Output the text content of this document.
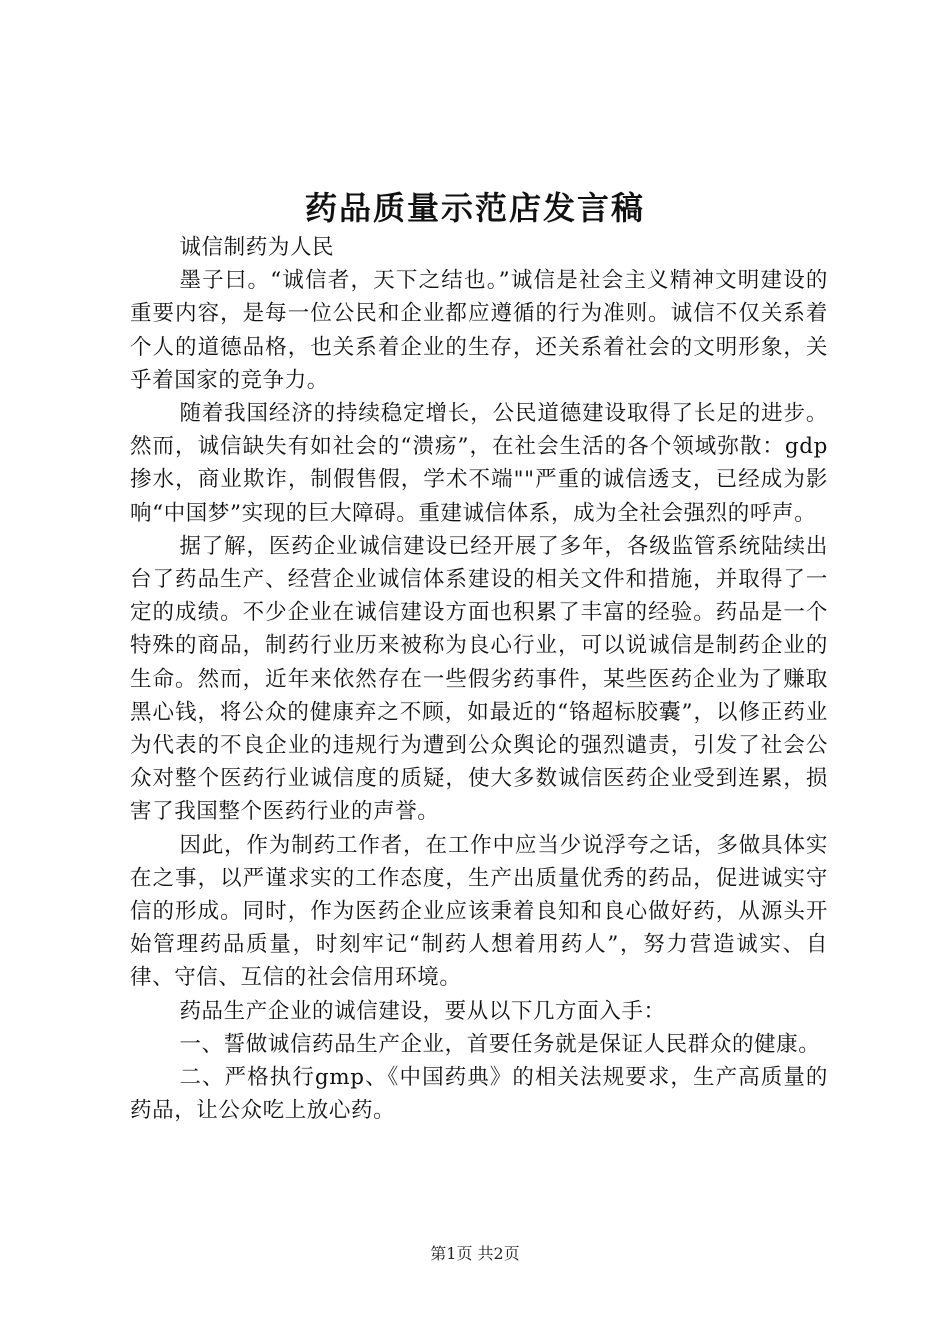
药品质量示范店发言稿

诚信制药为人民

墨子曰。“诚信者，天下之结也。”诚信是社会主义精神文明建设的重要内容，是每一位公民和企业都应遵循的行为准则。诚信不仅关系着个人的道德品格，也关系着企业的生存，还关系着社会的文明形象，关乎着国家的竞争力。

随着我国经济的持续稳定增长，公民道德建设取得了长足的进步。然而，诚信缺失有如社会的“溃疡”，在社会生活的各个领域弥散：gdp掺水，商业欺诈，制假售假，学术不端""严重的诚信透支，已经成为影响“中国梦”实现的巨大障碍。重建诚信体系，成为全社会强烈的呼声。

据了解，医药企业诚信建设已经开展了多年，各级监管系统陆续出台了药品生产、经营企业诚信体系建设的相关文件和措施，并取得了一定的成绩。不少企业在诚信建设方面也积累了丰富的经验。药品是一个特殊的商品，制药行业历来被称为良心行业，可以说诚信是制药企业的生命。然而，近年来依然存在一些假劣药事件，某些医药企业为了赚取黑心钱，将公众的健康弃之不顾，如最近的“铬超标胶囊”，以修正药业为代表的不良企业的违规行为遭到公众舆论的强烈谴责，引发了社会公众对整个医药行业诚信度的质疑，使大多数诚信医药企业受到连累，损害了我国整个医药行业的声誉。

因此，作为制药工作者，在工作中应当少说浮夸之话，多做具体实在之事，以严谨求实的工作态度，生产出质量优秀的药品，促进诚实守信的形成。同时，作为医药企业应该秉着良知和良心做好药，从源头开始管理药品质量，时刻牢记“制药人想着用药人”，努力营造诚实、自律、守信、互信的社会信用环境。

药品生产企业的诚信建设，要从以下几方面入手：

一、誓做诚信药品生产企业，首要任务就是保证人民群众的健康。

二、严格执行gmp、《中国药典》的相关法规要求，生产高质量的药品，让公众吃上放心药。

第1页 共2页
